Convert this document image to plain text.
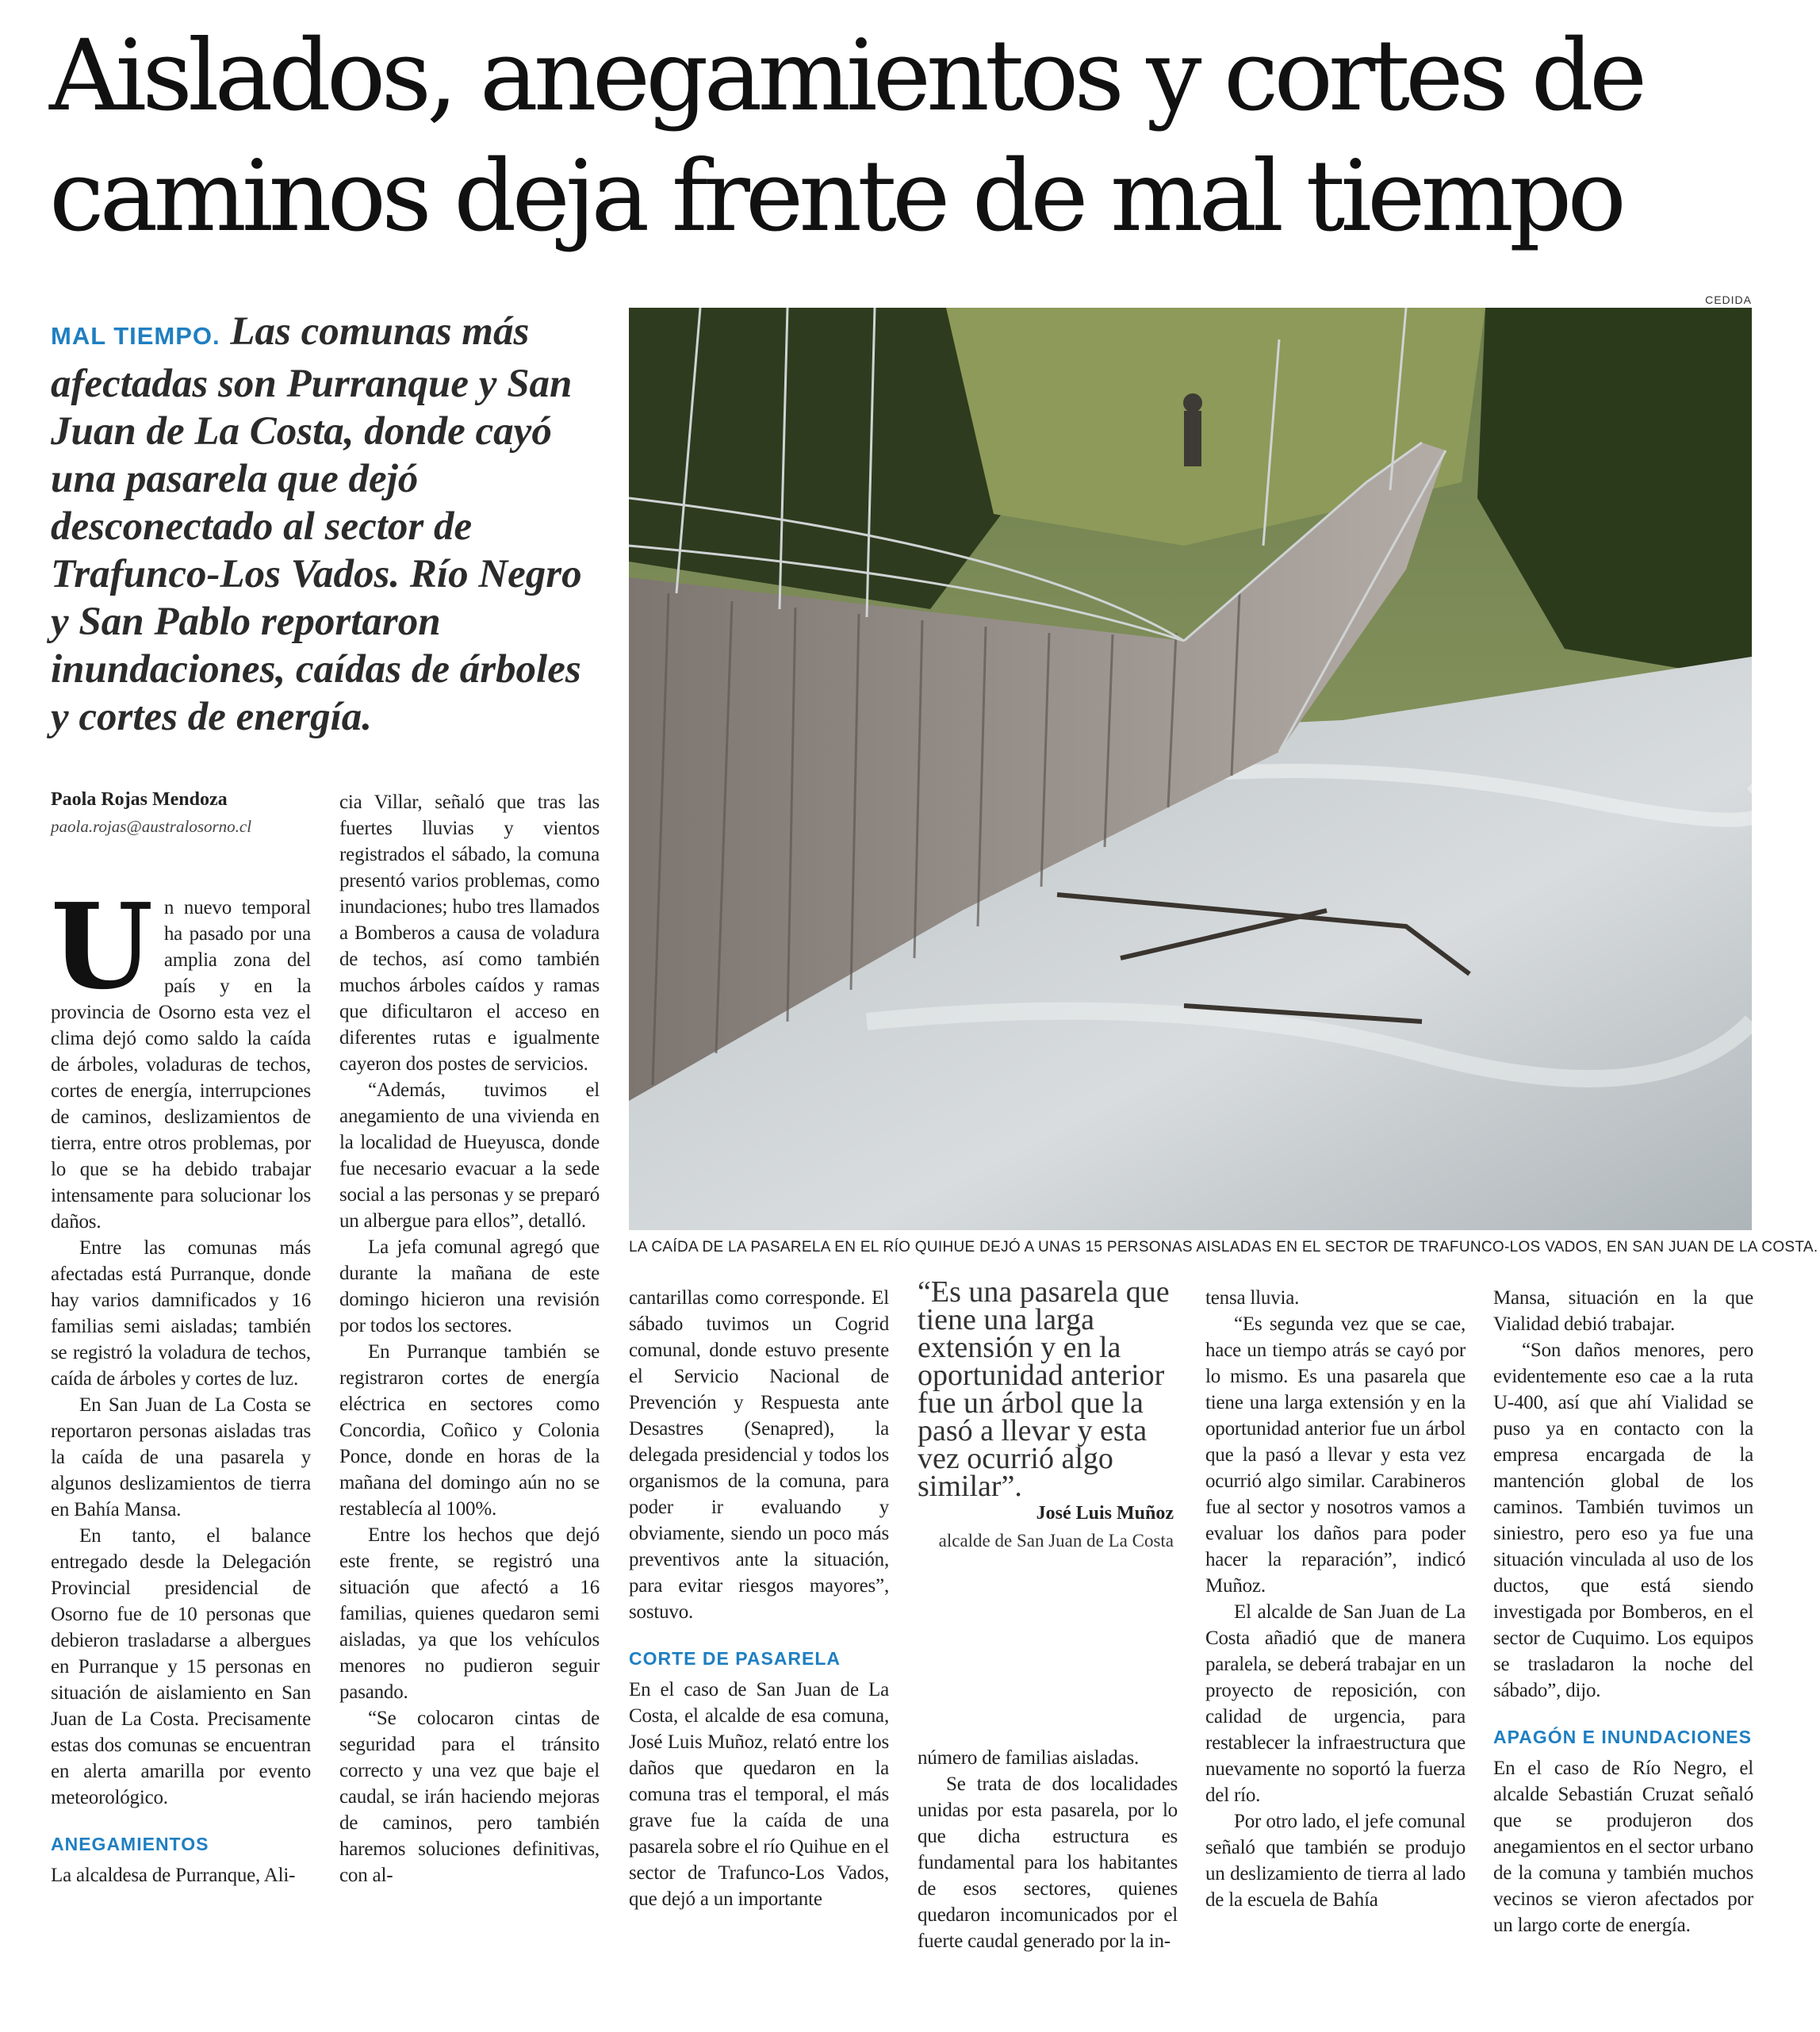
Aislados, anegamientos y cortes de caminos deja frente de mal tiempo
CEDIDA

MAL TIEMPO. Las comunas más afectadas son Purranque y San Juan de La Costa, donde cayó una pasarela que dejó desconectado al sector de Trafunco-Los Vados. Río Negro y San Pablo reportaron inundaciones, caídas de árboles y cortes de energía.

LA CAÍDA DE LA PASARELA EN EL RÍO QUIHUE DEJÓ A UNAS 15 PERSONAS AISLADAS EN EL SECTOR DE TRAFUNCO-LOS VADOS, EN SAN JUAN DE LA COSTA.

Paola Rojas Mendoza
paola.rojas@australosorno.cl

Un nuevo temporal ha pasado por una amplia zona del país y en la provincia de Osorno esta vez el clima dejó como saldo la caída de árboles, voladuras de techos, cortes de energía, interrupciones de caminos, deslizamientos de tierra, entre otros problemas, por lo que se ha debido trabajar intensamente para solucionar los daños.

Entre las comunas más afectadas está Purranque, donde hay varios damnificados y 16 familias semi aisladas; también se registró la voladura de techos, caída de árboles y cortes de luz.

En San Juan de La Costa se reportaron personas aisladas tras la caída de una pasarela y algunos deslizamientos de tierra en Bahía Mansa.

En tanto, el balance entregado desde la Delegación Provincial presidencial de Osorno fue de 10 personas que debieron trasladarse a albergues en Purranque y 15 personas en situación de aislamiento en San Juan de La Costa. Precisamente estas dos comunas se encuentran en alerta amarilla por evento meteorológico.

ANEGAMIENTOS

La alcaldesa de Purranque, Ali-

cia Villar, señaló que tras las fuertes lluvias y vientos registrados el sábado, la comuna presentó varios problemas, como inundaciones; hubo tres llamados a Bomberos a causa de voladura de techos, así como también muchos árboles caídos y ramas que dificultaron el acceso en diferentes rutas e igualmente cayeron dos postes de servicios.

“Además, tuvimos el anegamiento de una vivienda en la localidad de Hueyusca, donde fue necesario evacuar a la sede social a las personas y se preparó un albergue para ellos”, detalló.

La jefa comunal agregó que durante la mañana de este domingo hicieron una revisión por todos los sectores.

En Purranque también se registraron cortes de energía eléctrica en sectores como Concordia, Coñico y Colonia Ponce, donde en horas de la mañana del domingo aún no se restablecía al 100%.

Entre los hechos que dejó este frente, se registró una situación que afectó a 16 familias, quienes quedaron semi aisladas, ya que los vehículos menores no pudieron seguir pasando.

“Se colocaron cintas de seguridad para el tránsito correcto y una vez que baje el caudal, se irán haciendo mejoras de caminos, pero también haremos soluciones definitivas, con al-

cantarillas como corresponde. El sábado tuvimos un Cogrid comunal, donde estuvo presente el Servicio Nacional de Prevención y Respuesta ante Desastres (Senapred), la delegada presidencial y todos los organismos de la comuna, para poder ir evaluando y obviamente, siendo un poco más preventivos ante la situación, para evitar riesgos mayores”, sostuvo.

CORTE DE PASARELA

En el caso de San Juan de La Costa, el alcalde de esa comuna, José Luis Muñoz, relató entre los daños que quedaron en la comuna tras el temporal, el más grave fue la caída de una pasarela sobre el río Quihue en el sector de Trafunco-Los Vados, que dejó a un importante

“Es una pasarela que tiene una larga extensión y en la oportunidad anterior fue un árbol que la pasó a llevar y esta vez ocurrió algo similar”.

José Luis Muñoz
alcalde de San Juan de La Costa

número de familias aisladas.

Se trata de dos localidades unidas por esta pasarela, por lo que dicha estructura es fundamental para los habitantes de esos sectores, quienes quedaron incomunicados por el fuerte caudal generado por la in-

tensa lluvia.

“Es segunda vez que se cae, hace un tiempo atrás se cayó por lo mismo. Es una pasarela que tiene una larga extensión y en la oportunidad anterior fue un árbol que la pasó a llevar y esta vez ocurrió algo similar. Carabineros fue al sector y nosotros vamos a evaluar los daños para poder hacer la reparación”, indicó Muñoz.

El alcalde de San Juan de La Costa añadió que de manera paralela, se deberá trabajar en un proyecto de reposición, con calidad de urgencia, para restablecer la infraestructura que nuevamente no soportó la fuerza del río.

Por otro lado, el jefe comunal señaló que también se produjo un deslizamiento de tierra al lado de la escuela de Bahía

Mansa, situación en la que Vialidad debió trabajar.

“Son daños menores, pero evidentemente eso cae a la ruta U-400, así que ahí Vialidad se puso ya en contacto con la empresa encargada de la mantención global de los caminos. También tuvimos un siniestro, pero eso ya fue una situación vinculada al uso de los ductos, que está siendo investigada por Bomberos, en el sector de Cuquimo. Los equipos se trasladaron la noche del sábado”, dijo.

APAGÓN E INUNDACIONES

En el caso de Río Negro, el alcalde Sebastián Cruzat señaló que se produjeron dos anegamientos en el sector urbano de la comuna y también muchos vecinos se vieron afectados por un largo corte de energía.
